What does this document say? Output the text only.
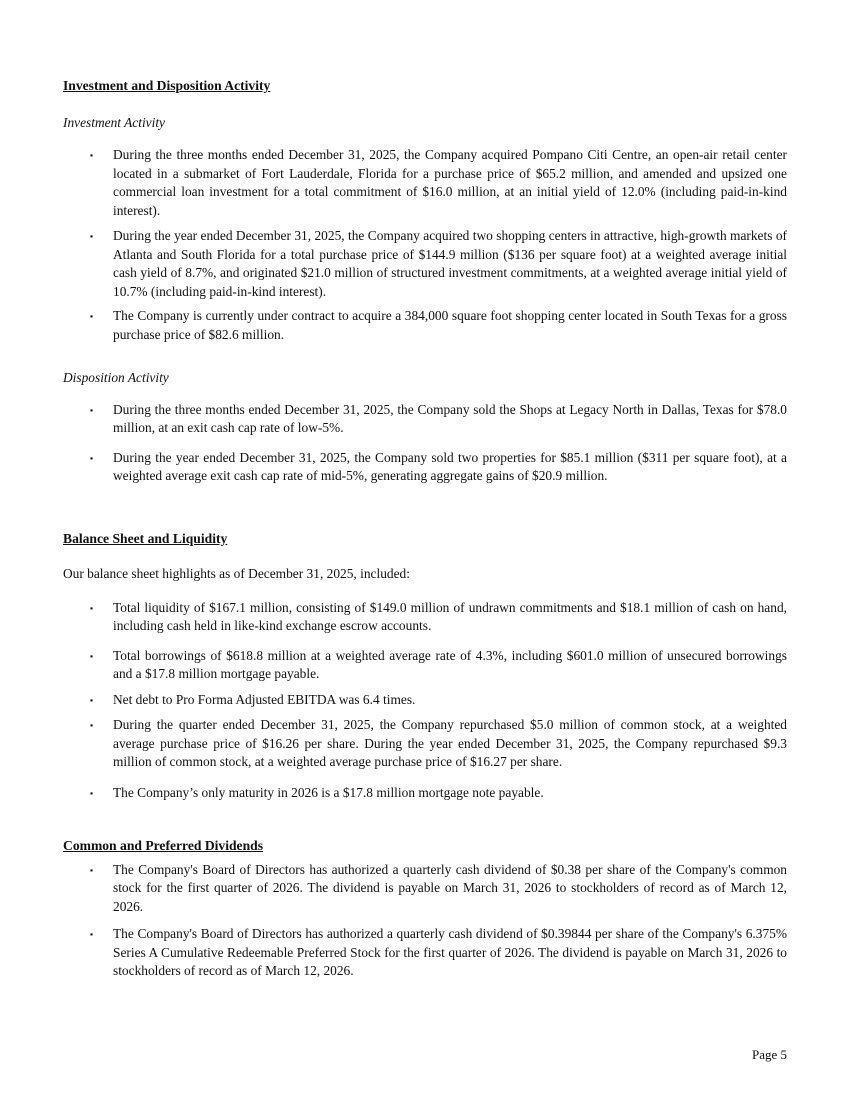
Investment and Disposition Activity

Investment Activity

▪	During the three months ended December 31, 2025, the Company acquired Pompano Citi Centre, an open-air retail center located in a submarket of Fort Lauderdale, Florida for a purchase price of $65.2 million, and amended and upsized one commercial loan investment for a total commitment of $16.0 million, at an initial yield of 12.0% (including paid-in-kind interest).

▪	During the year ended December 31, 2025, the Company acquired two shopping centers in attractive, high-growth markets of Atlanta and South Florida for a total purchase price of $144.9 million ($136 per square foot) at a weighted average initial cash yield of 8.7%, and originated $21.0 million of structured investment commitments, at a weighted average initial yield of 10.7% (including paid-in-kind interest).

▪	The Company is currently under contract to acquire a 384,000 square foot shopping center located in South Texas for a gross purchase price of $82.6 million.

Disposition Activity

▪	During the three months ended December 31, 2025, the Company sold the Shops at Legacy North in Dallas, Texas for $78.0 million, at an exit cash cap rate of low-5%.

▪	During the year ended December 31, 2025, the Company sold two properties for $85.1 million ($311 per square foot), at a weighted average exit cash cap rate of mid-5%, generating aggregate gains of $20.9 million.

Balance Sheet and Liquidity

Our balance sheet highlights as of December 31, 2025, included:

▪	Total liquidity of $167.1 million, consisting of $149.0 million of undrawn commitments and $18.1 million of cash on hand, including cash held in like-kind exchange escrow accounts.

▪	Total borrowings of $618.8 million at a weighted average rate of 4.3%, including $601.0 million of unsecured borrowings and a $17.8 million mortgage payable.

▪	Net debt to Pro Forma Adjusted EBITDA was 6.4 times.

▪	During the quarter ended December 31, 2025, the Company repurchased $5.0 million of common stock, at a weighted average purchase price of $16.26 per share. During the year ended December 31, 2025, the Company repurchased $9.3 million of common stock, at a weighted average purchase price of $16.27 per share.

▪	The Company’s only maturity in 2026 is a $17.8 million mortgage note payable.

Common and Preferred Dividends
▪	The Company's Board of Directors has authorized a quarterly cash dividend of $0.38 per share of the Company's common stock for the first quarter of 2026. The dividend is payable on March 31, 2026 to stockholders of record as of March 12, 2026.

▪	The Company's Board of Directors has authorized a quarterly cash dividend of $0.39844 per share of the Company's 6.375% Series A Cumulative Redeemable Preferred Stock for the first quarter of 2026. The dividend is payable on March 31, 2026 to stockholders of record as of March 12, 2026.

Page 5
